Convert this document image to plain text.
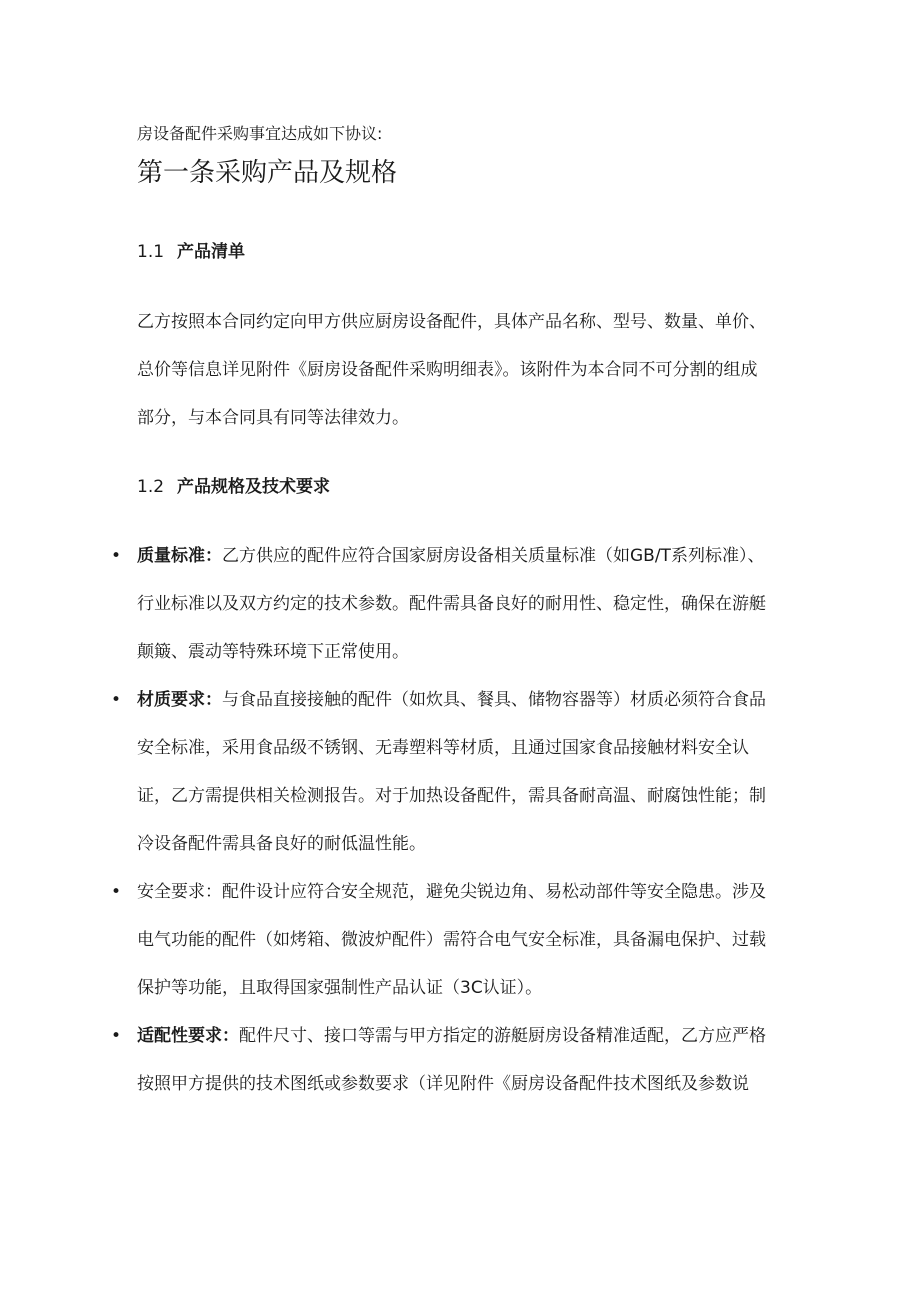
房设备配件采购事宜达成如下协议:
第一条采购产品及规格
1.1 产品清单
乙方按照本合同约定向甲方供应厨房设备配件，具体产品名称、型号、数量、单价、
总价等信息详见附件《厨房设备配件采购明细表》。该附件为本合同不可分割的组成
部分，与本合同具有同等法律效力。
1.2 产品规格及技术要求
• 质量标准：乙方供应的配件应符合国家厨房设备相关质量标准（如GB/T系列标准）、
行业标准以及双方约定的技术参数。配件需具备良好的耐用性、稳定性，确保在游艇
颠簸、震动等特殊环境下正常使用。
• 材质要求：与食品直接接触的配件（如炊具、餐具、储物容器等）材质必须符合食品
安全标准，采用食品级不锈钢、无毒塑料等材质，且通过国家食品接触材料安全认
证，乙方需提供相关检测报告。对于加热设备配件，需具备耐高温、耐腐蚀性能；制
冷设备配件需具备良好的耐低温性能。
• 安全要求：配件设计应符合安全规范，避免尖锐边角、易松动部件等安全隐患。涉及
电气功能的配件（如烤箱、微波炉配件）需符合电气安全标准，具备漏电保护、过载
保护等功能，且取得国家强制性产品认证（3C认证）。
• 适配性要求：配件尺寸、接口等需与甲方指定的游艇厨房设备精准适配，乙方应严格
按照甲方提供的技术图纸或参数要求（详见附件《厨房设备配件技术图纸及参数说
